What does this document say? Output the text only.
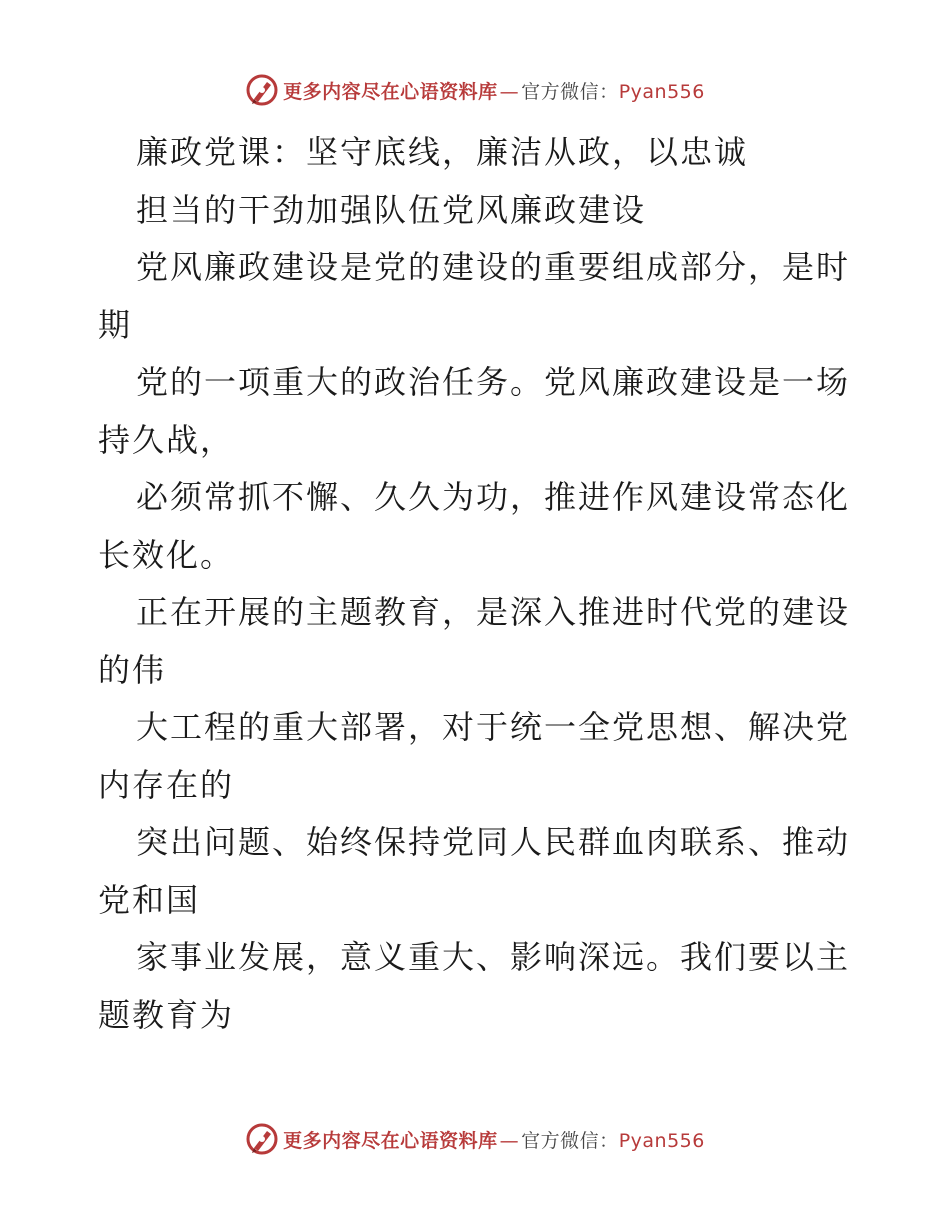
更多内容尽在心语资料库 — 官方微信：Pyan556
廉政党课：坚守底线，廉洁从政，以忠诚
担当的干劲加强队伍党风廉政建设
党风廉政建设是党的建设的重要组成部分，是时
期
党的一项重大的政治任务。党风廉政建设是一场
持久战，
必须常抓不懈、久久为功，推进作风建设常态化
长效化。
正在开展的主题教育，是深入推进时代党的建设
的伟
大工程的重大部署，对于统一全党思想、解决党
内存在的
突出问题、始终保持党同人民群血肉联系、推动
党和国
家事业发展，意义重大、影响深远。我们要以主
题教育为
更多内容尽在心语资料库 — 官方微信：Pyan556
